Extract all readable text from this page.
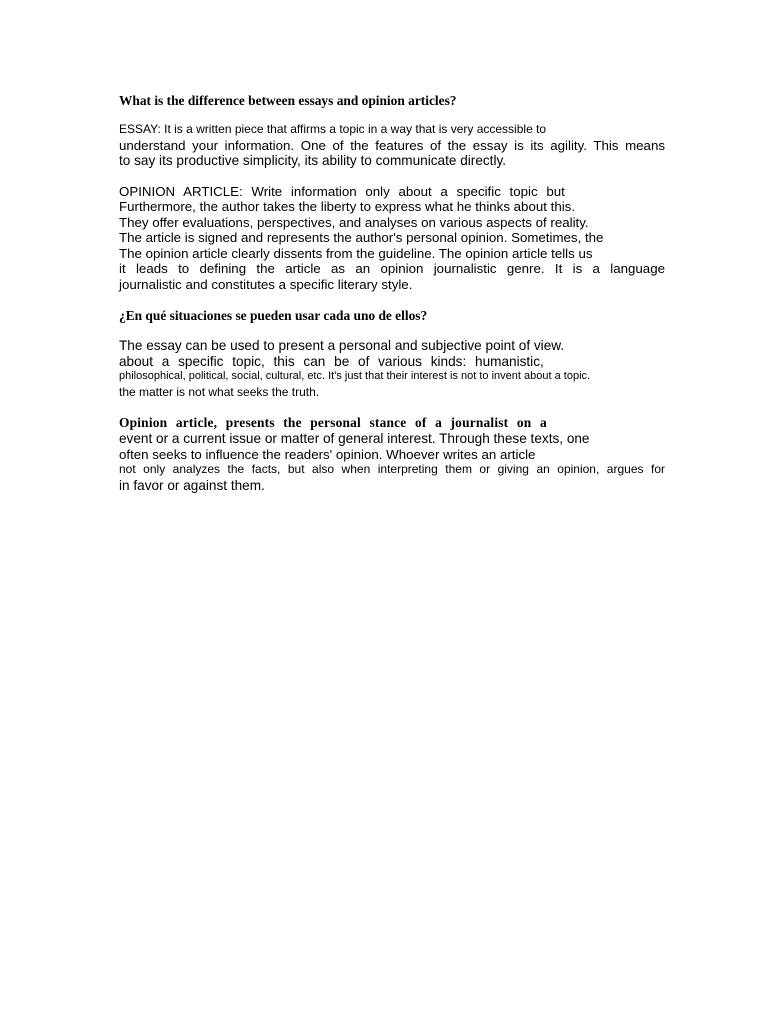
What is the difference between essays and opinion articles?
ESSAY: It is a written piece that affirms a topic in a way that is very accessible to
understand your information. One of the features of the essay is its agility. This means
to say its productive simplicity, its ability to communicate directly.
OPINION ARTICLE: Write information only about a specific topic but
Furthermore, the author takes the liberty to express what he thinks about this.
They offer evaluations, perspectives, and analyses on various aspects of reality.
The article is signed and represents the author's personal opinion. Sometimes, the
The opinion article clearly dissents from the guideline. The opinion article tells us
it leads to defining the article as an opinion journalistic genre. It is a language
journalistic and constitutes a specific literary style.
¿En qué situaciones se pueden usar cada uno de ellos?
The essay can be used to present a personal and subjective point of view.
about a specific topic, this can be of various kinds: humanistic,
philosophical, political, social, cultural, etc. It's just that their interest is not to invent about a topic.
the matter is not what seeks the truth.
Opinion article, presents the personal stance of a journalist on a
event or a current issue or matter of general interest. Through these texts, one
often seeks to influence the readers' opinion. Whoever writes an article
not only analyzes the facts, but also when interpreting them or giving an opinion, argues for
in favor or against them.
